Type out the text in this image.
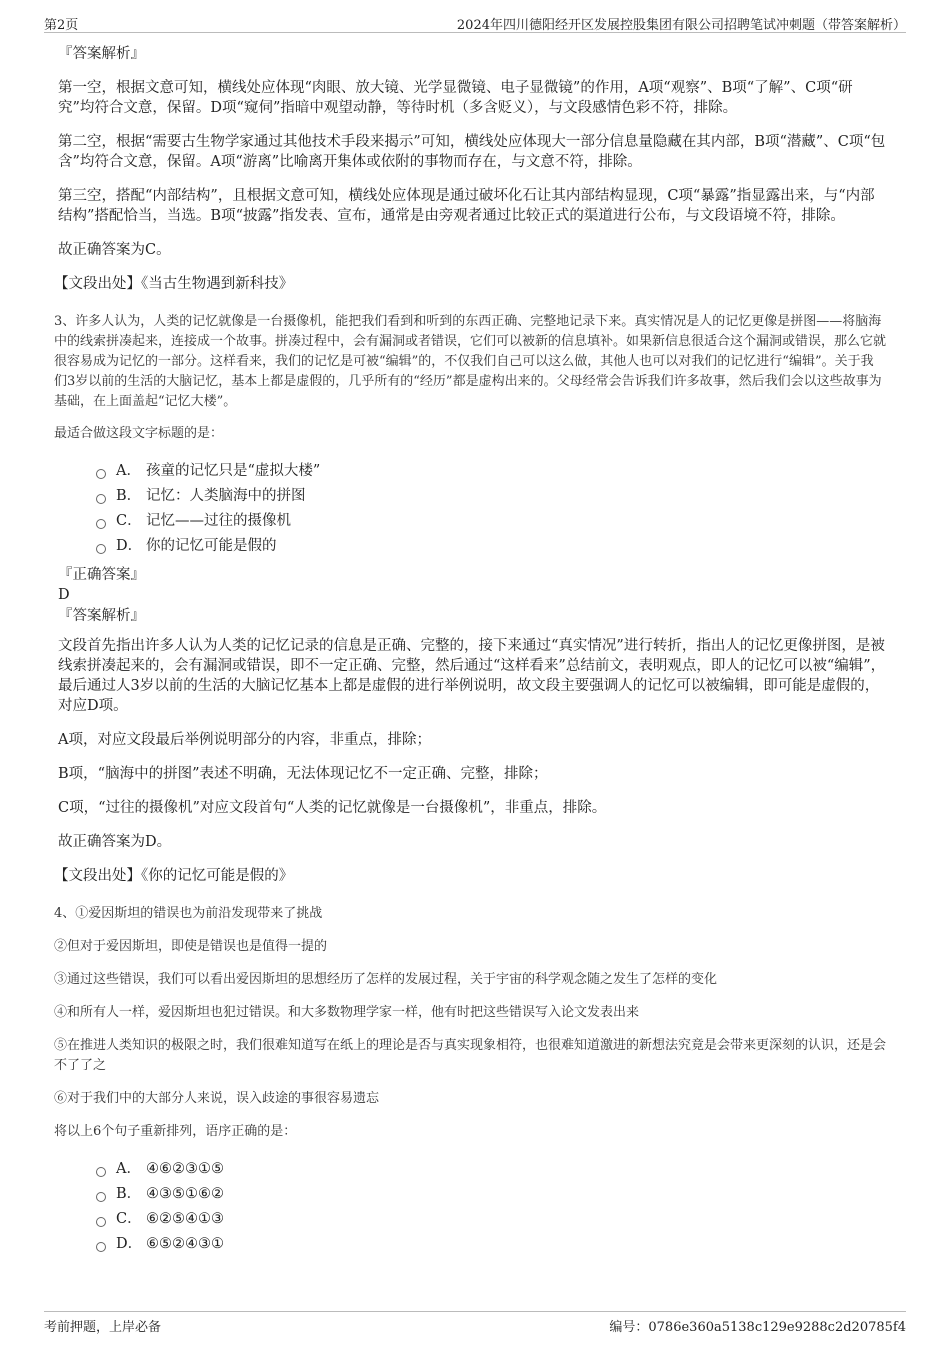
第2页	2024年四川德阳经开区发展控股集团有限公司招聘笔试冲刺题（带答案解析）
『答案解析』
第一空，根据文意可知，横线处应体现“肉眼、放大镜、光学显微镜、电子显微镜”的作用，A项“观察”、B项“了解”、C项“研究”均符合文意，保留。D项“窥伺”指暗中观望动静，等待时机（多含贬义），与文段感情色彩不符，排除。
第二空，根据“需要古生物学家通过其他技术手段来揭示”可知，横线处应体现大一部分信息量隐藏在其内部，B项“潜藏”、C项“包含”均符合文意，保留。A项“游离”比喻离开集体或依附的事物而存在，与文意不符，排除。
第三空，搭配“内部结构”，且根据文意可知，横线处应体现是通过破坏化石让其内部结构显现，C项“暴露”指显露出来，与“内部结构”搭配恰当，当选。B项“披露”指发表、宣布，通常是由旁观者通过比较正式的渠道进行公布，与文段语境不符，排除。
故正确答案为C。
【文段出处】《当古生物遇到新科技》
3、许多人认为，人类的记忆就像是一台摄像机，能把我们看到和听到的东西正确、完整地记录下来。真实情况是人的记忆更像是拼图——将脑海中的线索拼凑起来，连接成一个故事。拼凑过程中，会有漏洞或者错误，它们可以被新的信息填补。如果新信息很适合这个漏洞或错误，那么它就很容易成为记忆的一部分。这样看来，我们的记忆是可被“编辑”的，不仅我们自己可以这么做，其他人也可以对我们的记忆进行“编辑”。关于我们3岁以前的生活的大脑记忆，基本上都是虚假的，几乎所有的“经历”都是虚构出来的。父母经常会告诉我们许多故事，然后我们会以这些故事为基础，在上面盖起“记忆大楼”。
最适合做这段文字标题的是：
A． 孩童的记忆只是“虚拟大楼”
B． 记忆：人类脑海中的拼图
C． 记忆——过往的摄像机
D． 你的记忆可能是假的
『正确答案』
D
『答案解析』
文段首先指出许多人认为人类的记忆记录的信息是正确、完整的，接下来通过“真实情况”进行转折，指出人的记忆更像拼图，是被线索拼凑起来的，会有漏洞或错误，即不一定正确、完整，然后通过“这样看来”总结前文，表明观点，即人的记忆可以被“编辑”，最后通过人3岁以前的生活的大脑记忆基本上都是虚假的进行举例说明，故文段主要强调人的记忆可以被编辑，即可能是虚假的，对应D项。
A项，对应文段最后举例说明部分的内容，非重点，排除；
B项，“脑海中的拼图”表述不明确，无法体现记忆不一定正确、完整，排除；
C项，“过往的摄像机”对应文段首句“人类的记忆就像是一台摄像机”，非重点，排除。
故正确答案为D。
【文段出处】《你的记忆可能是假的》
4、①爱因斯坦的错误也为前沿发现带来了挑战
②但对于爱因斯坦，即使是错误也是值得一提的
③通过这些错误，我们可以看出爱因斯坦的思想经历了怎样的发展过程，关于宇宙的科学观念随之发生了怎样的变化
④和所有人一样，爱因斯坦也犯过错误。和大多数物理学家一样，他有时把这些错误写入论文发表出来
⑤在推进人类知识的极限之时，我们很难知道写在纸上的理论是否与真实现象相符，也很难知道激进的新想法究竟是会带来更深刻的认识，还是会不了了之
⑥对于我们中的大部分人来说，误入歧途的事很容易遗忘
将以上6个句子重新排列，语序正确的是：
A． ④⑥②③①⑤
B． ④③⑤①⑥②
C． ⑥②⑤④①③
D． ⑥⑤②④③①
考前押题，上岸必备	编号：0786e360a5138c129e9288c2d20785f4
